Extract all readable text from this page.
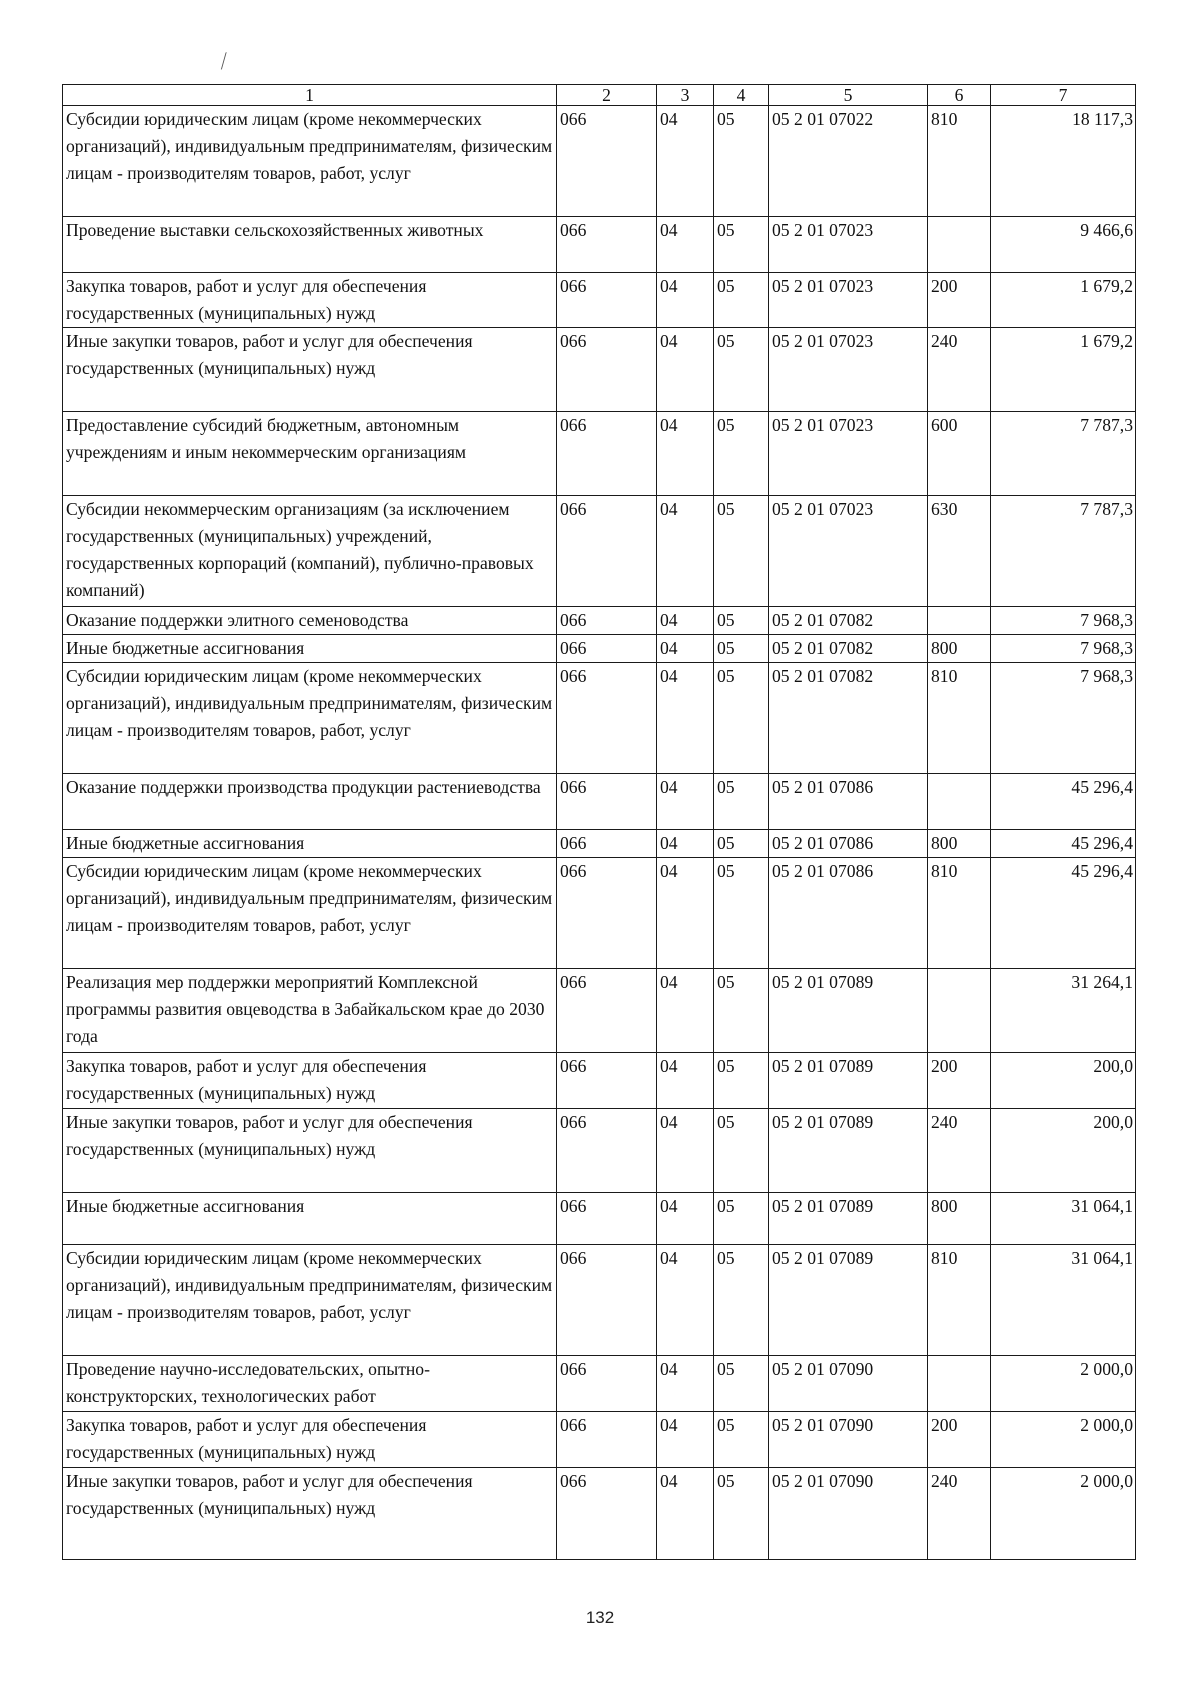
⁄
1	2	3	4	5	6	7
Субсидии юридическим лицам (кроме некоммерческих организаций), индивидуальным предпринимателям, физическим лицам - производителям товаров, работ, услуг	066	04	05	05 2 01 07022	810	18 117,3
Проведение выставки сельскохозяйственных животных	066	04	05	05 2 01 07023		9 466,6
Закупка товаров, работ и услуг для обеспечения государственных (муниципальных) нужд	066	04	05	05 2 01 07023	200	1 679,2
Иные закупки товаров, работ и услуг для обеспечения государственных (муниципальных) нужд	066	04	05	05 2 01 07023	240	1 679,2
Предоставление субсидий бюджетным, автономным учреждениям и иным некоммерческим организациям	066	04	05	05 2 01 07023	600	7 787,3
Субсидии некоммерческим организациям (за исключением государственных (муниципальных) учреждений, государственных корпораций (компаний), публично-правовых компаний)	066	04	05	05 2 01 07023	630	7 787,3
Оказание поддержки элитного семеноводства	066	04	05	05 2 01 07082		7 968,3
Иные бюджетные ассигнования	066	04	05	05 2 01 07082	800	7 968,3
Субсидии юридическим лицам (кроме некоммерческих организаций), индивидуальным предпринимателям, физическим лицам - производителям товаров, работ, услуг	066	04	05	05 2 01 07082	810	7 968,3
Оказание поддержки производства продукции растениеводства	066	04	05	05 2 01 07086		45 296,4
Иные бюджетные ассигнования	066	04	05	05 2 01 07086	800	45 296,4
Субсидии юридическим лицам (кроме некоммерческих организаций), индивидуальным предпринимателям, физическим лицам - производителям товаров, работ, услуг	066	04	05	05 2 01 07086	810	45 296,4
Реализация мер поддержки мероприятий Комплексной программы развития овцеводства в Забайкальском крае до 2030 года	066	04	05	05 2 01 07089		31 264,1
Закупка товаров, работ и услуг для обеспечения государственных (муниципальных) нужд	066	04	05	05 2 01 07089	200	200,0
Иные закупки товаров, работ и услуг для обеспечения государственных (муниципальных) нужд	066	04	05	05 2 01 07089	240	200,0
Иные бюджетные ассигнования	066	04	05	05 2 01 07089	800	31 064,1
Субсидии юридическим лицам (кроме некоммерческих организаций), индивидуальным предпринимателям, физическим лицам - производителям товаров, работ, услуг	066	04	05	05 2 01 07089	810	31 064,1
Проведение научно-исследовательских, опытно-конструкторских, технологических работ	066	04	05	05 2 01 07090		2 000,0
Закупка товаров, работ и услуг для обеспечения государственных (муниципальных) нужд	066	04	05	05 2 01 07090	200	2 000,0
Иные закупки товаров, работ и услуг для обеспечения государственных (муниципальных) нужд	066	04	05	05 2 01 07090	240	2 000,0
132
